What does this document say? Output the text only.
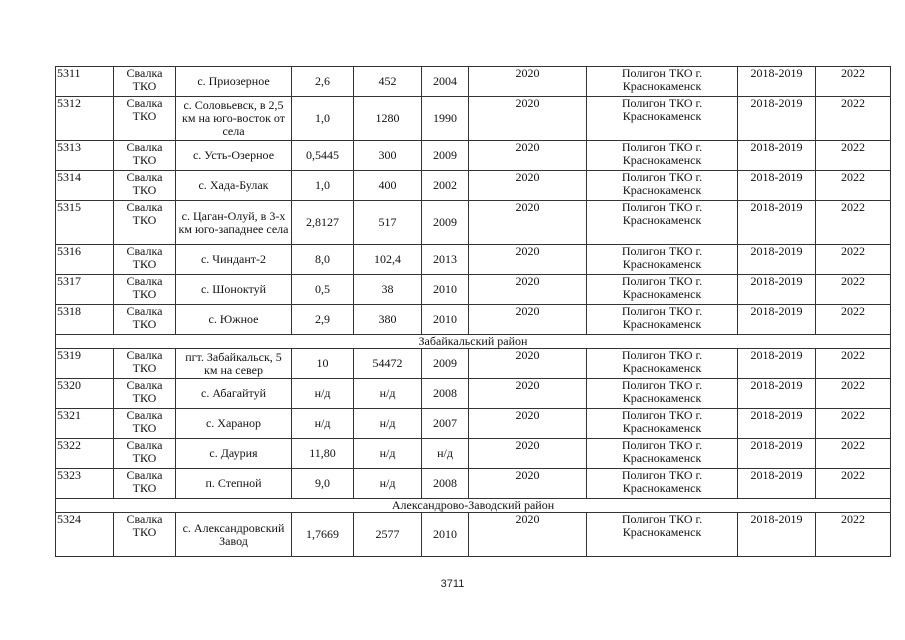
5311	Свалка ТКО	с. Приозерное	2,6	452	2004	2020	Полигон ТКО г. Краснокаменск	2018-2019	2022
5312	Свалка ТКО	с. Соловьевск, в 2,5 км на юго-восток от села	1,0	1280	1990	2020	Полигон ТКО г. Краснокаменск	2018-2019	2022
5313	Свалка ТКО	с. Усть-Озерное	0,5445	300	2009	2020	Полигон ТКО г. Краснокаменск	2018-2019	2022
5314	Свалка ТКО	с. Хада-Булак	1,0	400	2002	2020	Полигон ТКО г. Краснокаменск	2018-2019	2022
5315	Свалка ТКО	с. Цаган-Олуй, в 3-х км юго-западнее села	2,8127	517	2009	2020	Полигон ТКО г. Краснокаменск	2018-2019	2022
5316	Свалка ТКО	с. Чиндант-2	8,0	102,4	2013	2020	Полигон ТКО г. Краснокаменск	2018-2019	2022
5317	Свалка ТКО	с. Шоноктуй	0,5	38	2010	2020	Полигон ТКО г. Краснокаменск	2018-2019	2022
5318	Свалка ТКО	с. Южное	2,9	380	2010	2020	Полигон ТКО г. Краснокаменск	2018-2019	2022
Забайкальский район									
5319	Свалка ТКО	пгт. Забайкальск, 5 км на север	10	54472	2009	2020	Полигон ТКО г. Краснокаменск	2018-2019	2022
5320	Свалка ТКО	с. Абагайтуй	н/д	н/д	2008	2020	Полигон ТКО г. Краснокаменск	2018-2019	2022
5321	Свалка ТКО	с. Харанор	н/д	н/д	2007	2020	Полигон ТКО г. Краснокаменск	2018-2019	2022
5322	Свалка ТКО	с. Даурия	11,80	н/д	н/д	2020	Полигон ТКО г. Краснокаменск	2018-2019	2022
5323	Свалка ТКО	п. Степной	9,0	н/д	2008	2020	Полигон ТКО г. Краснокаменск	2018-2019	2022
Александрово-Заводский район									
5324	Свалка ТКО	с. Александровский Завод	1,7669	2577	2010	2020	Полигон ТКО г. Краснокаменск	2018-2019	2022
3711
